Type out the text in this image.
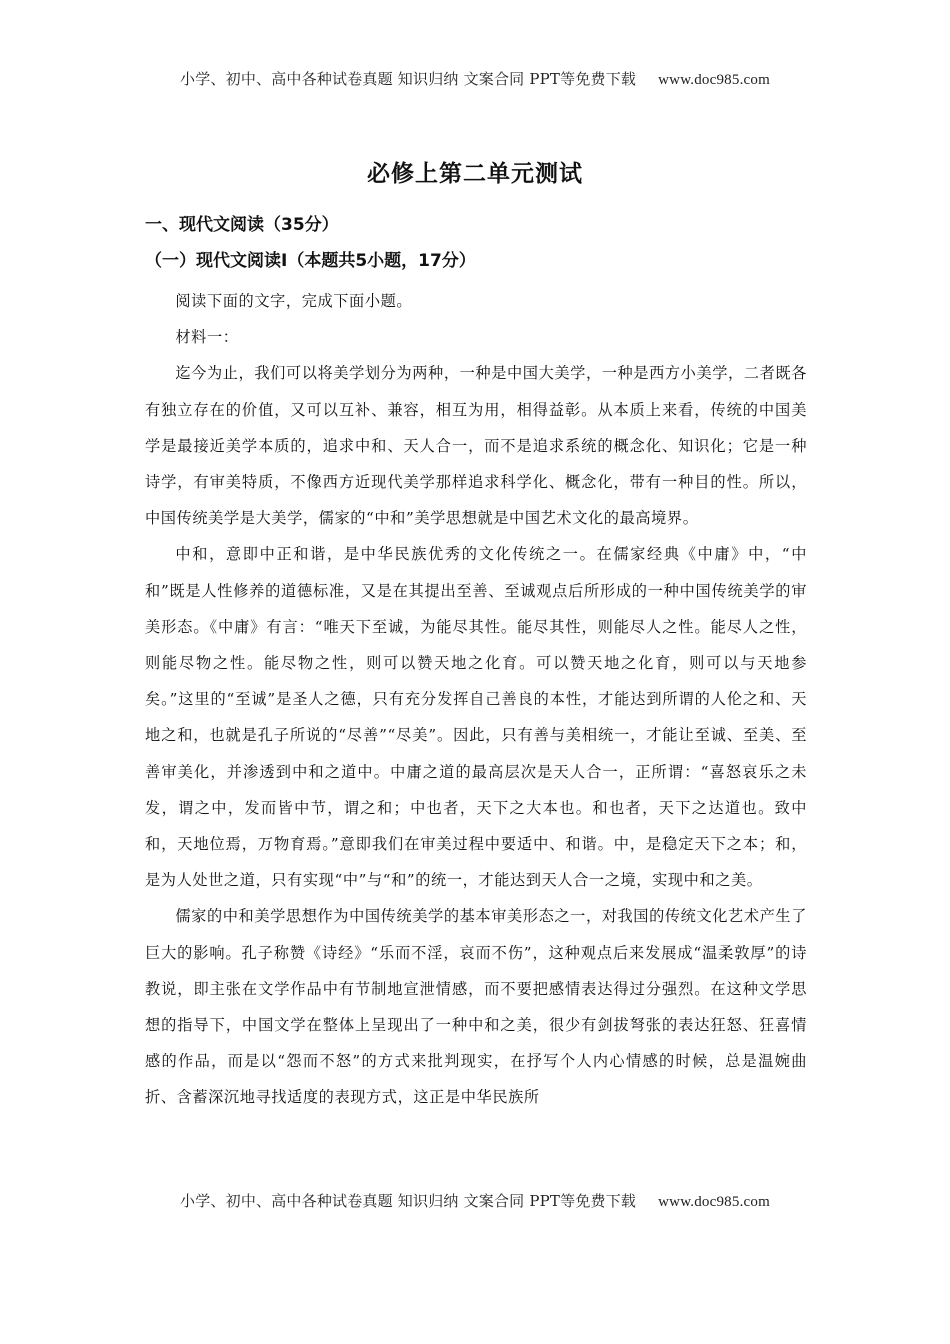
小学、初中、高中各种试卷真题 知识归纳 文案合同 PPT等免费下载 www.doc985.com
必修上第二单元测试
一、现代文阅读（35分）
（一）现代文阅读Ⅰ（本题共5小题，17分）

阅读下面的文字，完成下面小题。

材料一：

迄今为止，我们可以将美学划分为两种，一种是中国大美学，一种是西方小美学，二者既各有独立存在的价值，又可以互补、兼容，相互为用，相得益彰。从本质上来看，传统的中国美学是最接近美学本质的，追求中和、天人合一，而不是追求系统的概念化、知识化；它是一种诗学，有审美特质，不像西方近现代美学那样追求科学化、概念化，带有一种目的性。所以，中国传统美学是大美学，儒家的“中和”美学思想就是中国艺术文化的最高境界。

中和，意即中正和谐，是中华民族优秀的文化传统之一。在儒家经典《中庸》中，“中和”既是人性修养的道德标准，又是在其提出至善、至诚观点后所形成的一种中国传统美学的审美形态。《中庸》有言：“唯天下至诚，为能尽其性。能尽其性，则能尽人之性。能尽人之性，则能尽物之性。能尽物之性，则可以赞天地之化育。可以赞天地之化育，则可以与天地参矣。”这里的“至诚”是圣人之德，只有充分发挥自己善良的本性，才能达到所谓的人伦之和、天地之和，也就是孔子所说的“尽善”“尽美”。因此，只有善与美相统一，才能让至诚、至美、至善审美化，并渗透到中和之道中。中庸之道的最高层次是天人合一，正所谓：“喜怒哀乐之未发，谓之中，发而皆中节，谓之和；中也者，天下之大本也。和也者，天下之达道也。致中和，天地位焉，万物育焉。”意即我们在审美过程中要适中、和谐。中，是稳定天下之本；和，是为人处世之道，只有实现“中”与“和”的统一，才能达到天人合一之境，实现中和之美。

儒家的中和美学思想作为中国传统美学的基本审美形态之一，对我国的传统文化艺术产生了巨大的影响。孔子称赞《诗经》“乐而不淫，哀而不伤”，这种观点后来发展成“温柔敦厚”的诗教说，即主张在文学作品中有节制地宣泄情感，而不要把感情表达得过分强烈。在这种文学思想的指导下，中国文学在整体上呈现出了一种中和之美，很少有剑拔弩张的表达狂怒、狂喜情感的作品，而是以“怨而不怒”的方式来批判现实，在抒写个人内心情感的时候，总是温婉曲折、含蓄深沉地寻找适度的表现方式，这正是中华民族所

小学、初中、高中各种试卷真题 知识归纳 文案合同 PPT等免费下载 www.doc985.com
